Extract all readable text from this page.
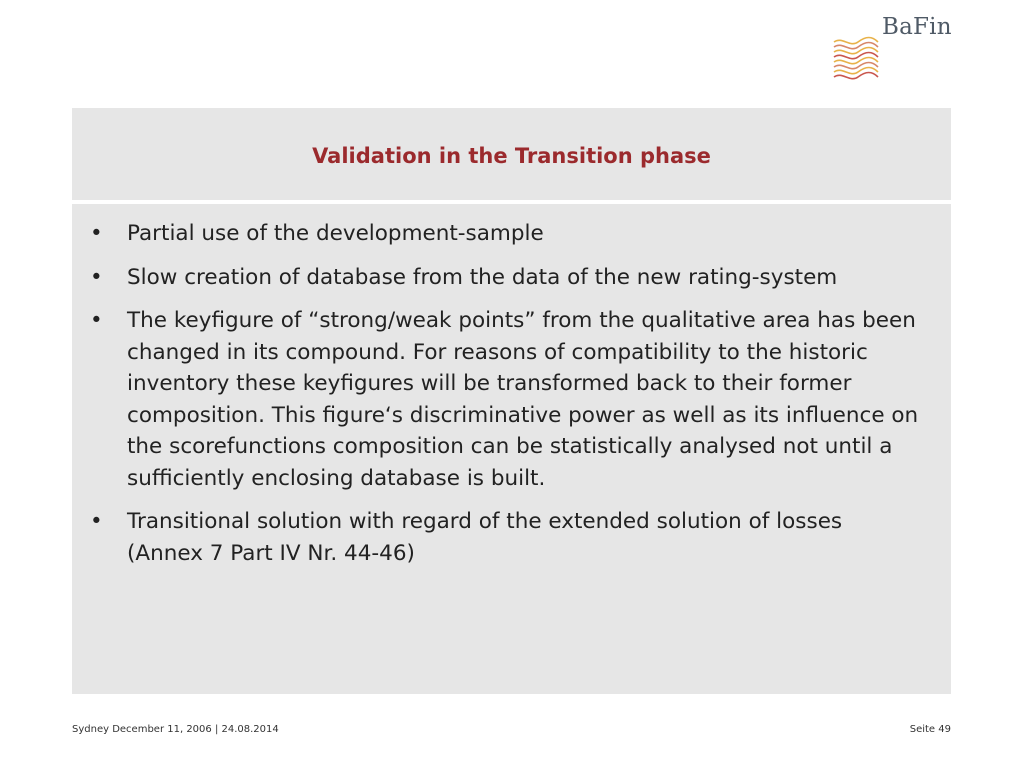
BaFin
Validation in the Transition phase
• Partial use of the development-sample
• Slow creation of database from the data of the new rating-system
• The keyfigure of “strong/weak points” from the qualitative area has been changed in its compound. For reasons of compatibility to the historic inventory these keyfigures will be transformed back to their former composition. This figure‘s discriminative power as well as its influence on the scorefunctions composition can be statistically analysed not until a sufficiently enclosing database is built.
• Transitional solution with regard of the extended solution of losses (Annex 7 Part IV Nr. 44-46)
Sydney December 11, 2006 | 24.08.2014	Seite 49
